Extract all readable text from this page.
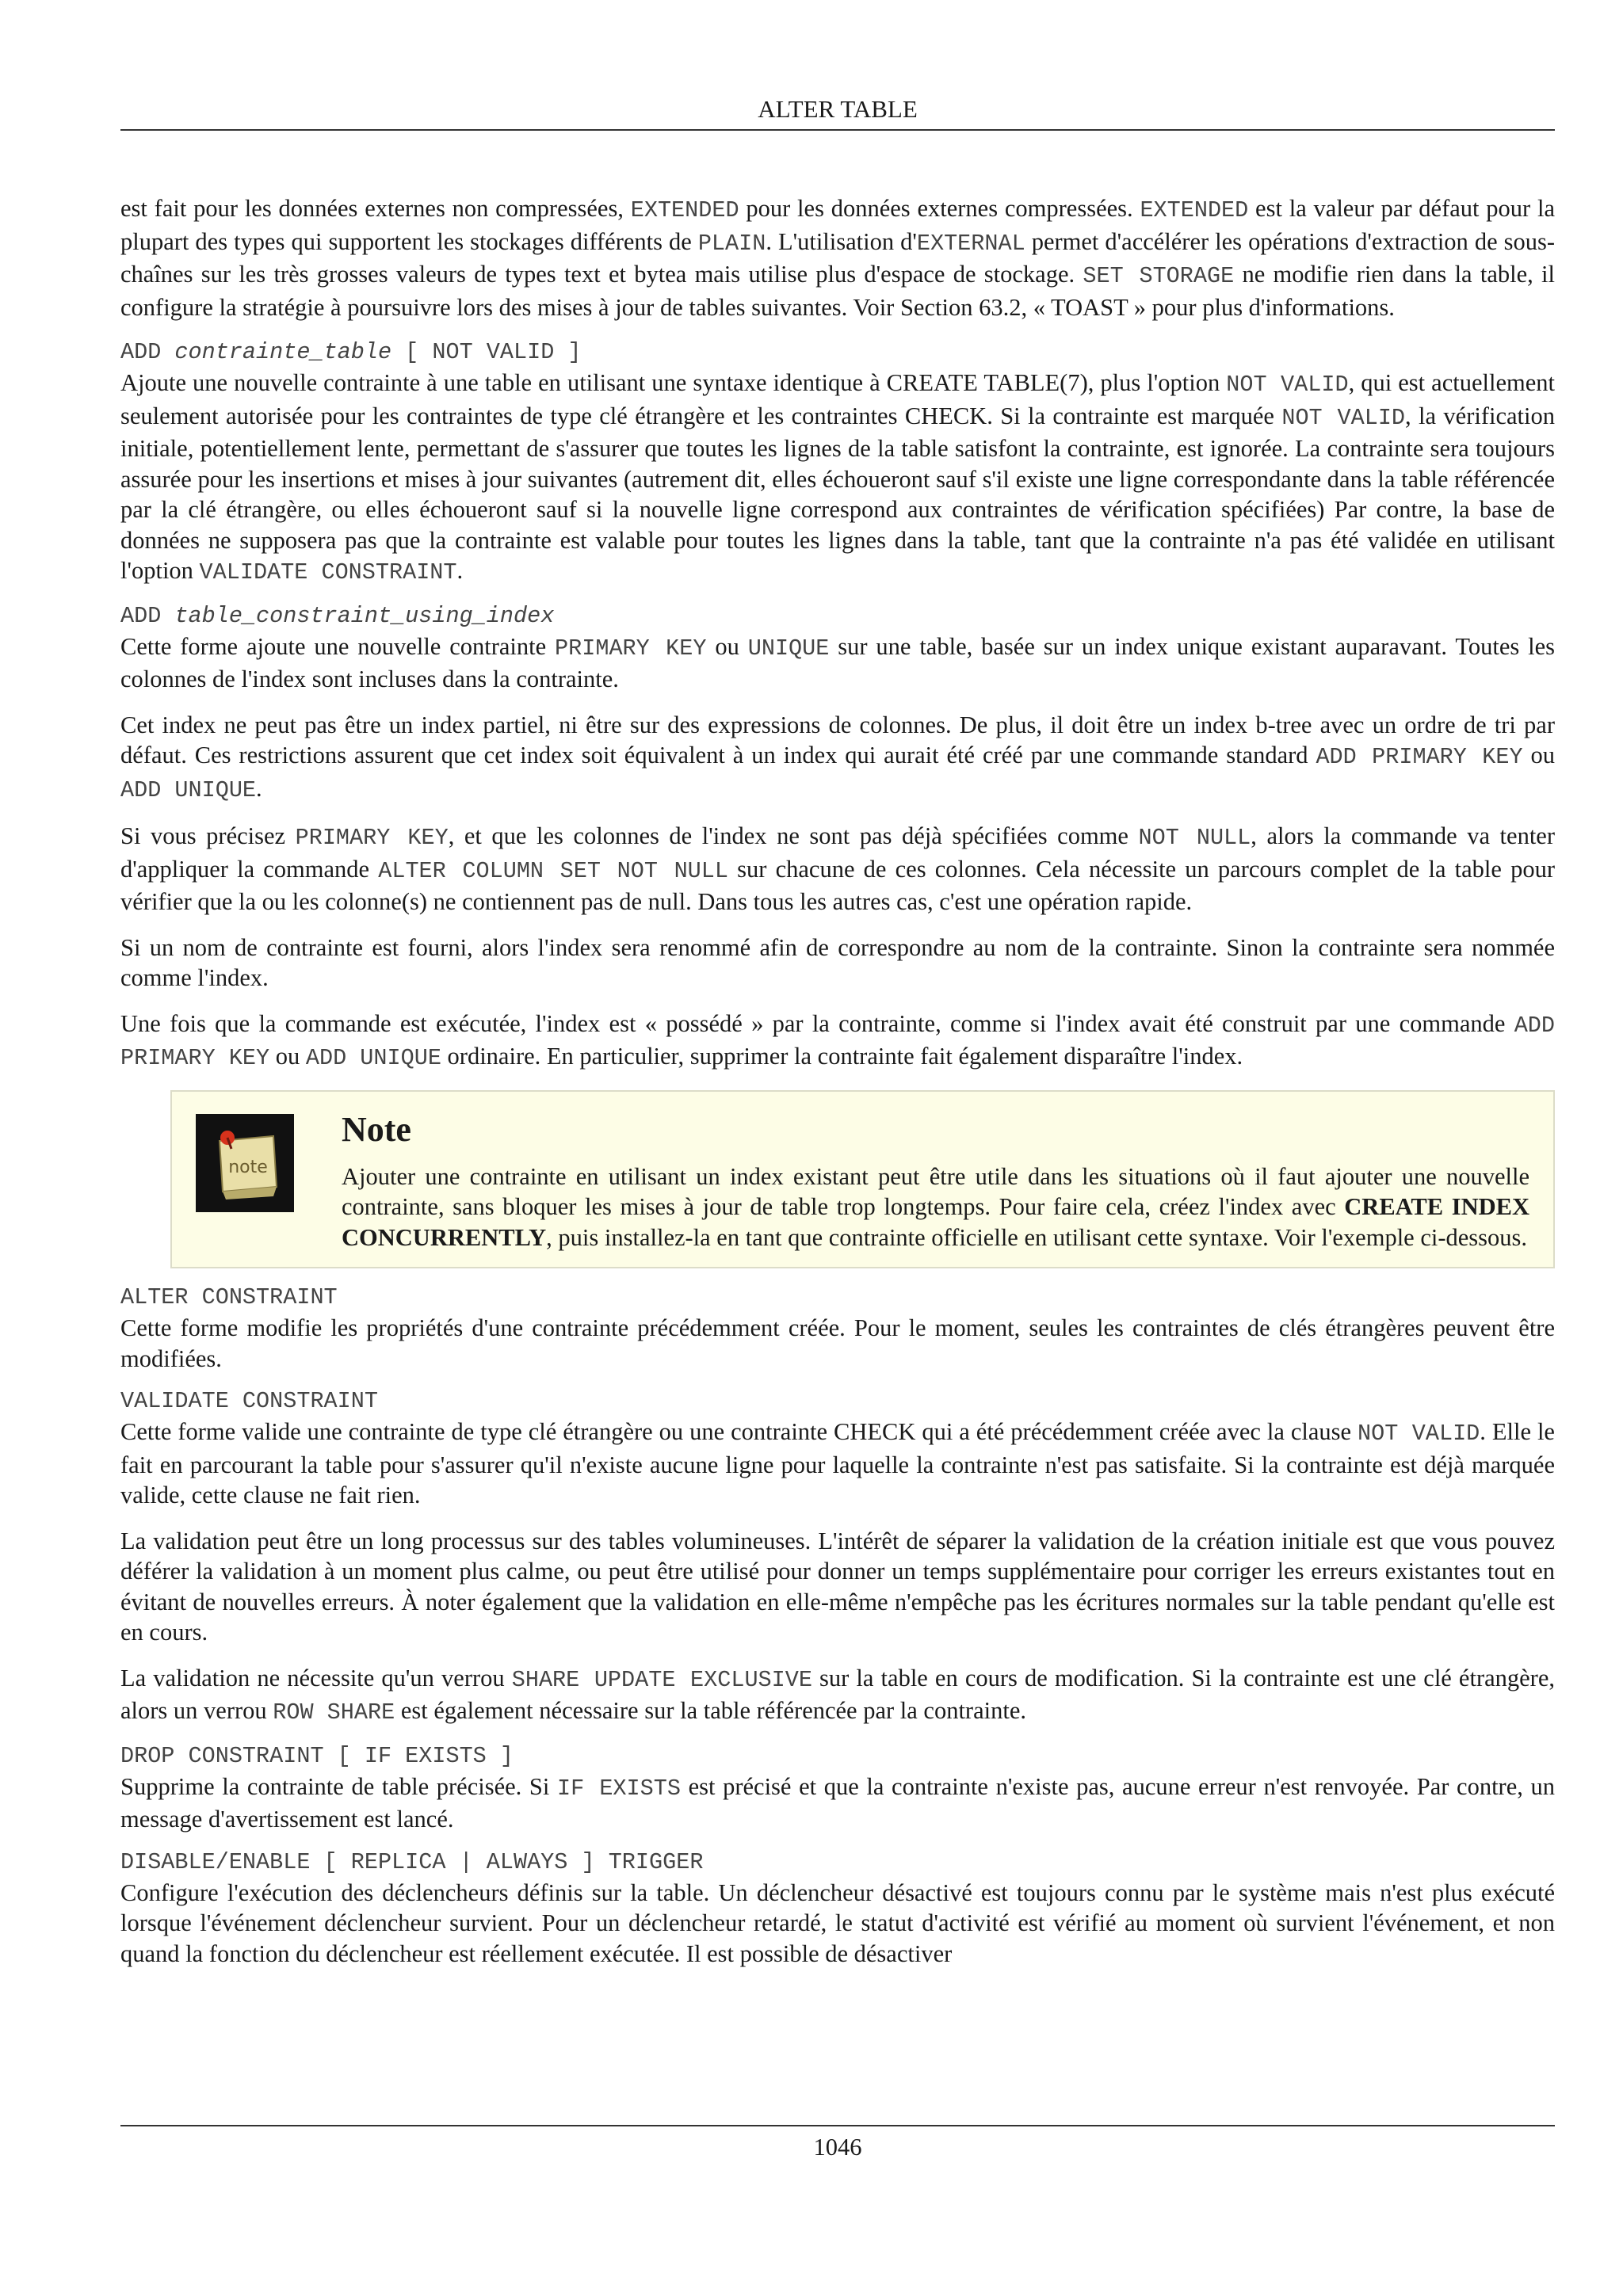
ALTER TABLE

est fait pour les données externes non compressées, EXTENDED pour les données externes compressées. EXTENDED est la valeur par défaut pour la plupart des types qui supportent les stockages différents de PLAIN. L'utilisation d'EXTERNAL permet d'accélérer les opérations d'extraction de sous-chaînes sur les très grosses valeurs de types text et bytea mais utilise plus d'espace de stockage. SET STORAGE ne modifie rien dans la table, il configure la stratégie à poursuivre lors des mises à jour de tables suivantes. Voir Section 63.2, « TOAST » pour plus d'informations.

ADD contrainte_table [ NOT VALID ]

Ajoute une nouvelle contrainte à une table en utilisant une syntaxe identique à CREATE TABLE(7), plus l'option NOT VALID, qui est actuellement seulement autorisée pour les contraintes de type clé étrangère et les contraintes CHECK. Si la contrainte est marquée NOT VALID, la vérification initiale, potentiellement lente, permettant de s'assurer que toutes les lignes de la table satisfont la contrainte, est ignorée. La contrainte sera toujours assurée pour les insertions et mises à jour suivantes (autrement dit, elles échoueront sauf s'il existe une ligne correspondante dans la table référencée par la clé étrangère, ou elles échoueront sauf si la nouvelle ligne correspond aux contraintes de vérification spécifiées) Par contre, la base de données ne supposera pas que la contrainte est valable pour toutes les lignes dans la table, tant que la contrainte n'a pas été validée en utilisant l'option VALIDATE CONSTRAINT.

ADD table_constraint_using_index

Cette forme ajoute une nouvelle contrainte PRIMARY KEY ou UNIQUE sur une table, basée sur un index unique existant auparavant. Toutes les colonnes de l'index sont incluses dans la contrainte.

Cet index ne peut pas être un index partiel, ni être sur des expressions de colonnes. De plus, il doit être un index b-tree avec un ordre de tri par défaut. Ces restrictions assurent que cet index soit équivalent à un index qui aurait été créé par une commande standard ADD PRIMARY KEY ou ADD UNIQUE.

Si vous précisez PRIMARY KEY, et que les colonnes de l'index ne sont pas déjà spécifiées comme NOT NULL, alors la commande va tenter d'appliquer la commande ALTER COLUMN SET NOT NULL sur chacune de ces colonnes. Cela nécessite un parcours complet de la table pour vérifier que la ou les colonne(s) ne contiennent pas de null. Dans tous les autres cas, c'est une opération rapide.

Si un nom de contrainte est fourni, alors l'index sera renommé afin de correspondre au nom de la contrainte. Sinon la contrainte sera nommée comme l'index.

Une fois que la commande est exécutée, l'index est « possédé » par la contrainte, comme si l'index avait été construit par une commande ADD PRIMARY KEY ou ADD UNIQUE ordinaire. En particulier, supprimer la contrainte fait également disparaître l'index.

note
Note

Ajouter une contrainte en utilisant un index existant peut être utile dans les situations où il faut ajouter une nouvelle contrainte, sans bloquer les mises à jour de table trop longtemps. Pour faire cela, créez l'index avec CREATE INDEX CONCURRENTLY, puis installez-la en tant que contrainte officielle en utilisant cette syntaxe. Voir l'exemple ci-dessous.

ALTER CONSTRAINT

Cette forme modifie les propriétés d'une contrainte précédemment créée. Pour le moment, seules les contraintes de clés étrangères peuvent être modifiées.

VALIDATE CONSTRAINT

Cette forme valide une contrainte de type clé étrangère ou une contrainte CHECK qui a été précédemment créée avec la clause NOT VALID. Elle le fait en parcourant la table pour s'assurer qu'il n'existe aucune ligne pour laquelle la contrainte n'est pas satisfaite. Si la contrainte est déjà marquée valide, cette clause ne fait rien.

La validation peut être un long processus sur des tables volumineuses. L'intérêt de séparer la validation de la création initiale est que vous pouvez déférer la validation à un moment plus calme, ou peut être utilisé pour donner un temps supplémentaire pour corriger les erreurs existantes tout en évitant de nouvelles erreurs. À noter également que la validation en elle-même n'empêche pas les écritures normales sur la table pendant qu'elle est en cours.

La validation ne nécessite qu'un verrou SHARE UPDATE EXCLUSIVE sur la table en cours de modification. Si la contrainte est une clé étrangère, alors un verrou ROW SHARE est également nécessaire sur la table référencée par la contrainte.

DROP CONSTRAINT [ IF EXISTS ]

Supprime la contrainte de table précisée. Si IF EXISTS est précisé et que la contrainte n'existe pas, aucune erreur n'est renvoyée. Par contre, un message d'avertissement est lancé.

DISABLE/ENABLE [ REPLICA | ALWAYS ] TRIGGER

Configure l'exécution des déclencheurs définis sur la table. Un déclencheur désactivé est toujours connu par le système mais n'est plus exécuté lorsque l'événement déclencheur survient. Pour un déclencheur retardé, le statut d'activité est vérifié au moment où survient l'événement, et non quand la fonction du déclencheur est réellement exécutée. Il est possible de désactiver

1046
